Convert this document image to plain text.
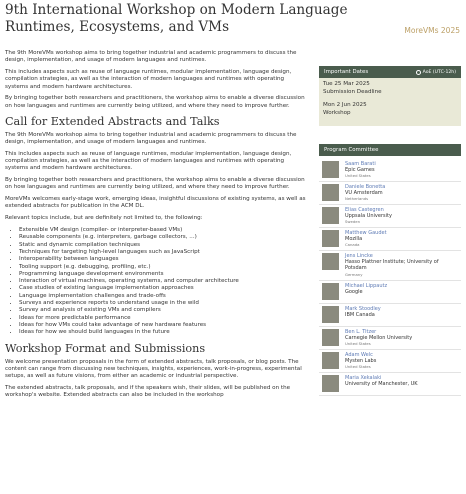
9th International Workshop on Modern Language Runtimes, Ecosystems, and VMs	MoreVMs 2025

The 9th MoreVMs workshop aims to bring together industrial and academic programmers to discuss the design, implementation, and usage of modern languages and runtimes.

This includes aspects such as reuse of language runtimes, modular implementation, language design, compilation strategies, as well as the interaction of modern languages and runtimes with operating systems and modern hardware architectures.

By bringing together both researchers and practitioners, the workshop aims to enable a diverse discussion on how languages and runtimes are currently being utilized, and where they need to improve further.

Call for Extended Abstracts and Talks

The 9th MoreVMs workshop aims to bring together industrial and academic programmers to discuss the design, implementation, and usage of modern languages and runtimes.

This includes aspects such as reuse of language runtimes, modular implementation, language design, compilation strategies, as well as the interaction of modern languages and runtimes with operating systems and modern hardware architectures.

By bringing together both researchers and practitioners, the workshop aims to enable a diverse discussion on how languages and runtimes are currently being utilized, and where they need to improve further.

MoreVMs welcomes early-stage work, emerging ideas, insightful discussions of existing systems, as well as extended abstracts for publication in the ACM DL.

Relevant topics include, but are definitely not limited to, the following:

• Extensible VM design (compiler- or interpreter-based VMs)
• Reusable components (e.g. interpreters, garbage collectors, ...)
• Static and dynamic compilation techniques
• Techniques for targeting high-level languages such as JavaScript
• Interoperability between languages
• Tooling support (e.g. debugging, profiling, etc.)
• Programming language development environments
• Interaction of virtual machines, operating systems, and computer architecture
• Case studies of existing language implementation approaches
• Language implementation challenges and trade-offs
• Surveys and experience reports to understand usage in the wild
• Survey and analysis of existing VMs and compilers
• Ideas for more predictable performance
• Ideas for how VMs could take advantage of new hardware features
• Ideas for how we should build languages in the future
Workshop Format and Submissions

We welcome presentation proposals in the form of extended abstracts, talk proposals, or blog posts. The content can range from discussing new techniques, insights, experiences, work-in-progress, experimental setups, as well as future visions, from either an academic or industrial perspective.

The extended abstracts, talk proposals, and if the speakers wish, their slides, will be published on the workshop's website. Extended abstracts can also be included in the workshop

Important Dates	AoE (UTC-12h)
Tue 25 Mar 2025
Submission Deadline
Mon 2 Jun 2025
Workshop
Program Committee
Saam Barati
Epic Games
United States
Daniele Bonetta
VU Amsterdam
Netherlands
Elias Castegren
Uppsala University
Sweden
Matthew Gaudet
Mozilla
Canada
Jens Lincke
Hasso Plattner Institute; University of Potsdam
Germany
Michael Lippautz
Google
Mark Stoodley
IBM Canada
Ben L. Titzer
Carnegie Mellon University
United States
Adam Welc
Mysten Labs
United States
Maria Xekalaki
University of Manchester, UK
